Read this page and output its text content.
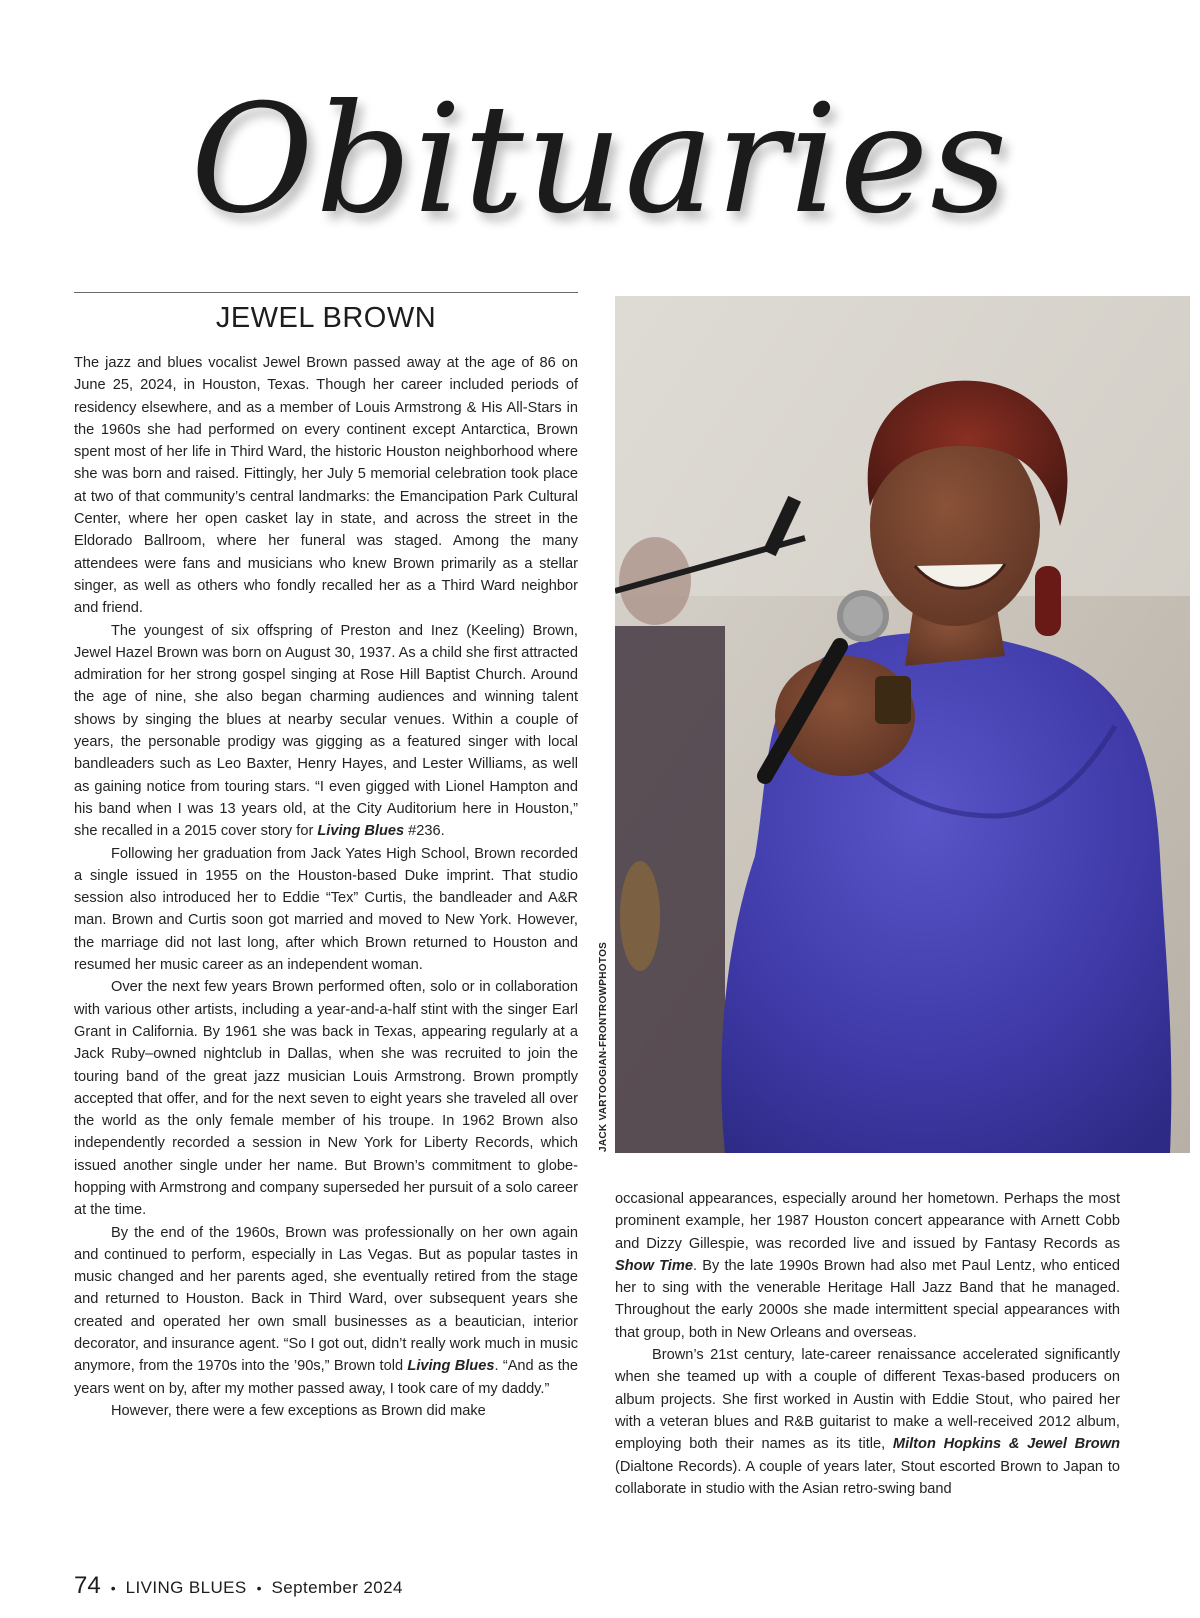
Obituaries
JEWEL BROWN

The jazz and blues vocalist Jewel Brown passed away at the age of 86 on June 25, 2024, in Houston, Texas. Though her career included periods of residency elsewhere, and as a member of Louis Armstrong & His All-Stars in the 1960s she had performed on every continent except Antarctica, Brown spent most of her life in Third Ward, the historic Houston neighborhood where she was born and raised. Fittingly, her July 5 memorial celebration took place at two of that community’s central landmarks: the Emancipation Park Cultural Center, where her open casket lay in state, and across the street in the Eldorado Ballroom, where her funeral was staged. Among the many attendees were fans and musicians who knew Brown primarily as a stellar singer, as well as others who fondly recalled her as a Third Ward neighbor and friend.

The youngest of six offspring of Preston and Inez (Keeling) Brown, Jewel Hazel Brown was born on August 30, 1937. As a child she first attracted admiration for her strong gospel singing at Rose Hill Baptist Church. Around the age of nine, she also began charming audiences and winning talent shows by singing the blues at nearby secular venues. Within a couple of years, the personable prodigy was gigging as a featured singer with local bandleaders such as Leo Baxter, Henry Hayes, and Lester Williams, as well as gaining notice from touring stars. “I even gigged with Lionel Hampton and his band when I was 13 years old, at the City Auditorium here in Houston,” she recalled in a 2015 cover story for Living Blues #236.

Following her graduation from Jack Yates High School, Brown recorded a single issued in 1955 on the Houston-based Duke imprint. That studio session also introduced her to Eddie “Tex” Curtis, the bandleader and A&R man. Brown and Curtis soon got married and moved to New York. However, the marriage did not last long, after which Brown returned to Houston and resumed her music career as an independent woman.

Over the next few years Brown performed often, solo or in collaboration with various other artists, including a year-and-a-half stint with the singer Earl Grant in California. By 1961 she was back in Texas, appearing regularly at a Jack Ruby–owned nightclub in Dallas, when she was recruited to join the touring band of the great jazz musician Louis Armstrong. Brown promptly accepted that offer, and for the next seven to eight years she traveled all over the world as the only female member of his troupe. In 1962 Brown also independently recorded a session in New York for Liberty Records, which issued another single under her name. But Brown’s commitment to globe-hopping with Armstrong and company superseded her pursuit of a solo career at the time.

By the end of the 1960s, Brown was professionally on her own again and continued to perform, especially in Las Vegas. But as popular tastes in music changed and her parents aged, she eventually retired from the stage and returned to Houston. Back in Third Ward, over subsequent years she created and operated her own small businesses as a beautician, interior decorator, and insurance agent. “So I got out, didn’t really work much in music anymore, from the 1970s into the ’90s,” Brown told Living Blues. “And as the years went on by, after my mother passed away, I took care of my daddy.”

However, there were a few exceptions as Brown did make

JACK VARTOOGIAN-FRONTROWPHOTOS

occasional appearances, especially around her hometown. Perhaps the most prominent example, her 1987 Houston concert appearance with Arnett Cobb and Dizzy Gillespie, was recorded live and issued by Fantasy Records as Show Time. By the late 1990s Brown had also met Paul Lentz, who enticed her to sing with the venerable Heritage Hall Jazz Band that he managed. Throughout the early 2000s she made intermittent special appearances with that group, both in New Orleans and overseas.

Brown’s 21st century, late-career renaissance accelerated significantly when she teamed up with a couple of different Texas-based producers on album projects. She first worked in Austin with Eddie Stout, who paired her with a veteran blues and R&B guitarist to make a well-received 2012 album, employing both their names as its title, Milton Hopkins & Jewel Brown (Dialtone Records). A couple of years later, Stout escorted Brown to Japan to collaborate in studio with the Asian retro-swing band

74 • LIVING BLUES • September 2024
